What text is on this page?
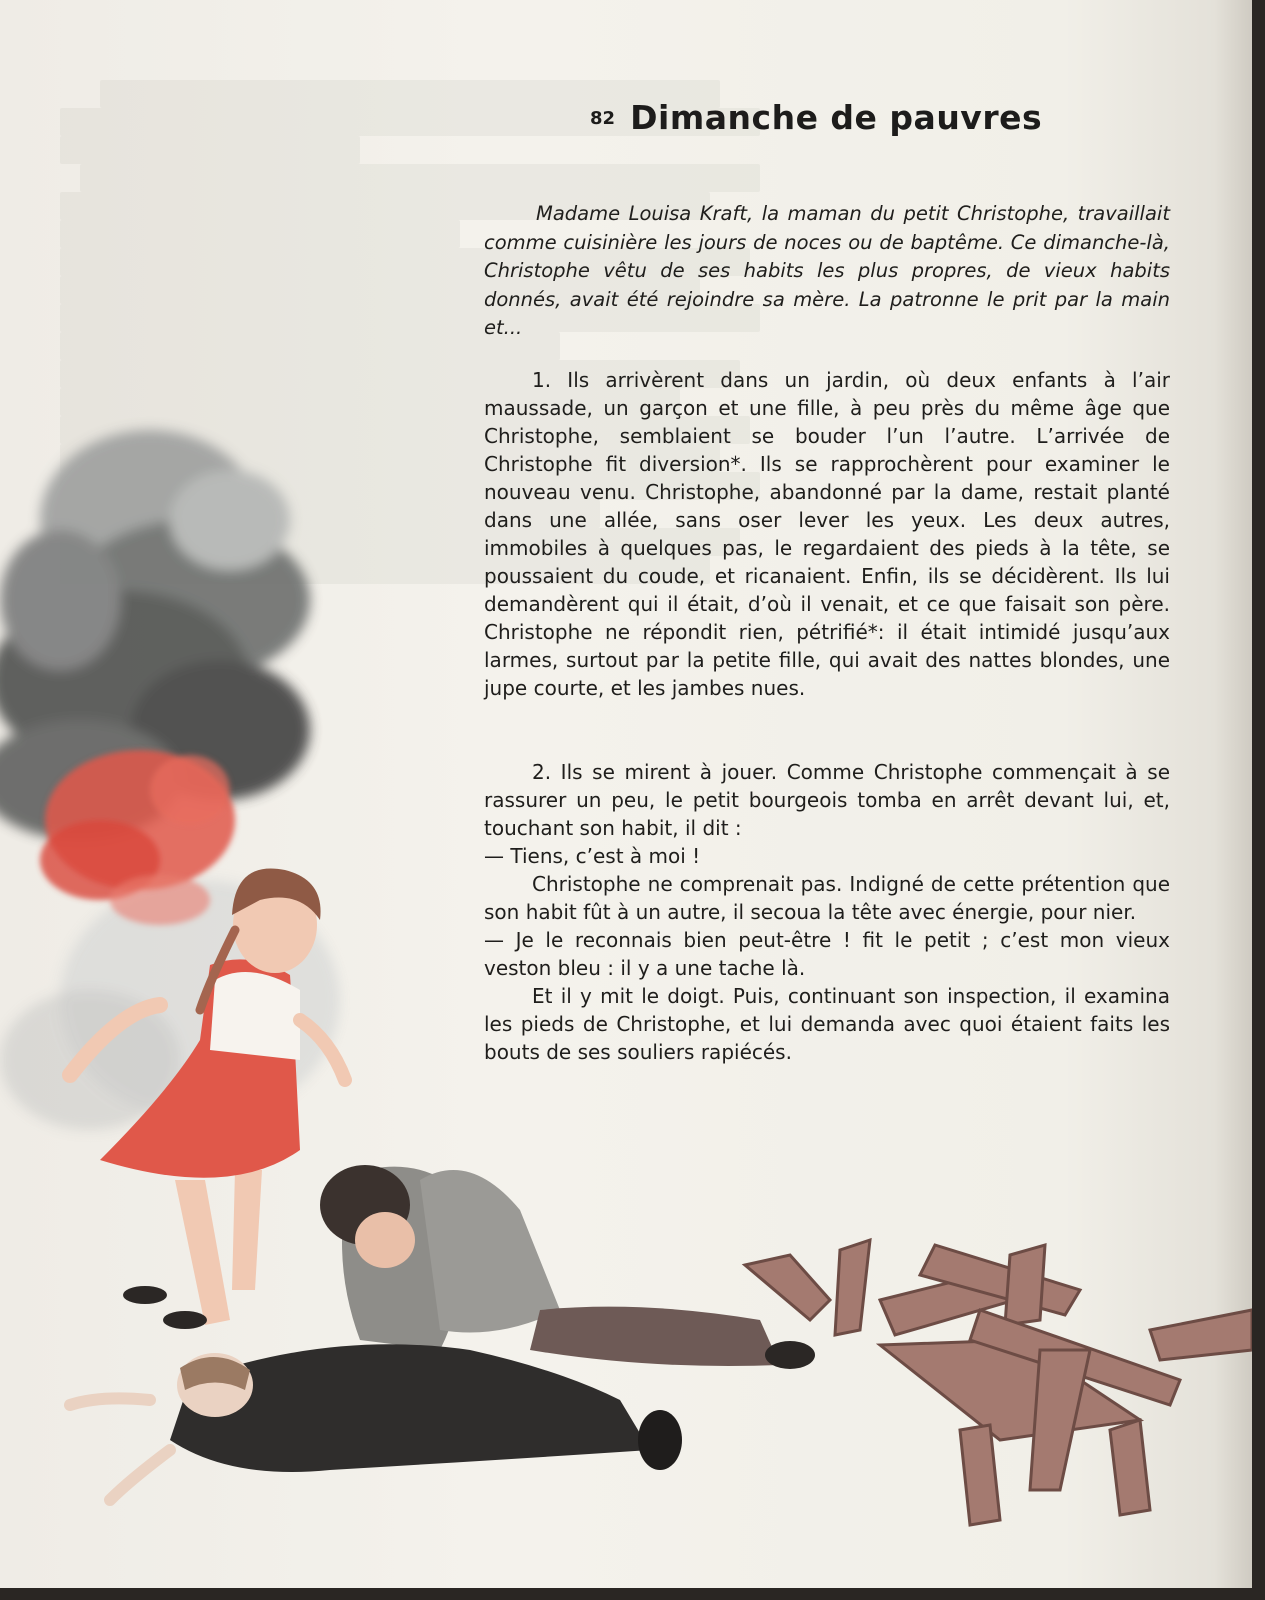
82 Dimanche de pauvres
Madame Louisa Kraft, la maman du petit Christophe, travaillait comme cuisinière les jours de noces ou de baptême. Ce dimanche-là, Christophe vêtu de ses habits les plus propres, de vieux habits donnés, avait été rejoindre sa mère. La patronne le prit par la main et...
1. Ils arrivèrent dans un jardin, où deux enfants à l’air maussade, un garçon et une fille, à peu près du même âge que Christophe, semblaient se bouder l’un l’autre. L’arrivée de Christophe fit diversion*. Ils se rapprochèrent pour examiner le nouveau venu. Christophe, abandonné par la dame, restait planté dans une allée, sans oser lever les yeux. Les deux autres, immobiles à quelques pas, le regardaient des pieds à la tête, se poussaient du coude, et ricanaient. Enfin, ils se décidèrent. Ils lui demandèrent qui il était, d’où il venait, et ce que faisait son père. Christophe ne répondit rien, pétrifié*: il était intimidé jusqu’aux larmes, surtout par la petite fille, qui avait des nattes blondes, une jupe courte, et les jambes nues.

2. Ils se mirent à jouer. Comme Christophe commençait à se rassurer un peu, le petit bourgeois tomba en arrêt devant lui, et, touchant son habit, il dit :

— Tiens, c’est à moi !

Christophe ne comprenait pas. Indigné de cette prétention que son habit fût à un autre, il secoua la tête avec énergie, pour nier.

— Je le reconnais bien peut-être ! fit le petit ; c’est mon vieux veston bleu : il y a une tache là.

Et il y mit le doigt. Puis, continuant son inspection, il examina les pieds de Christophe, et lui demanda avec quoi étaient faits les bouts de ses souliers rapiécés.
